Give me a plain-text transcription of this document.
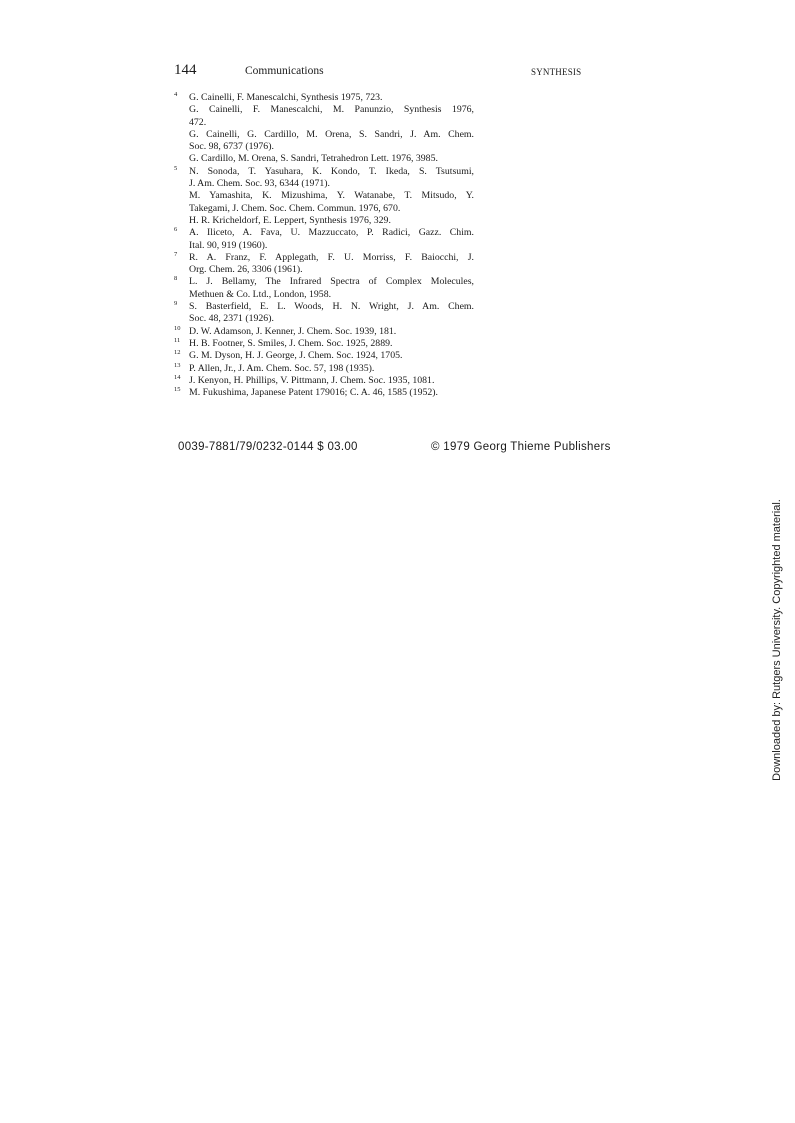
144	Communications	SYNTHESIS
4 G. Cainelli, F. Manescalchi, Synthesis 1975, 723.
G. Cainelli, F. Manescalchi, M. Panunzio, Synthesis 1976,
472.
G. Cainelli, G. Cardillo, M. Orena, S. Sandri, J. Am. Chem.
Soc. 98, 6737 (1976).
G. Cardillo, M. Orena, S. Sandri, Tetrahedron Lett. 1976, 3985.
5 N. Sonoda, T. Yasuhara, K. Kondo, T. Ikeda, S. Tsutsumi,
J. Am. Chem. Soc. 93, 6344 (1971).
M. Yamashita, K. Mizushima, Y. Watanabe, T. Mitsudo, Y.
Takegami, J. Chem. Soc. Chem. Commun. 1976, 670.
H. R. Kricheldorf, E. Leppert, Synthesis 1976, 329.
6 A. Iliceto, A. Fava, U. Mazzuccato, P. Radici, Gazz. Chim.
Ital. 90, 919 (1960).
7 R. A. Franz, F. Applegath, F. U. Morriss, F. Baiocchi, J.
Org. Chem. 26, 3306 (1961).
8 L. J. Bellamy, The Infrared Spectra of Complex Molecules,
Methuen & Co. Ltd., London, 1958.
9 S. Basterfield, E. L. Woods, H. N. Wright, J. Am. Chem.
Soc. 48, 2371 (1926).
10 D. W. Adamson, J. Kenner, J. Chem. Soc. 1939, 181.
11 H. B. Footner, S. Smiles, J. Chem. Soc. 1925, 2889.
12 G. M. Dyson, H. J. George, J. Chem. Soc. 1924, 1705.
13 P. Allen, Jr., J. Am. Chem. Soc. 57, 198 (1935).
14 J. Kenyon, H. Phillips, V. Pittmann, J. Chem. Soc. 1935, 1081.
15 M. Fukushima, Japanese Patent 179016; C. A. 46, 1585 (1952).
0039-7881/79/0232-0144 $ 03.00	© 1979 Georg Thieme Publishers
Downloaded by: Rutgers University. Copyrighted material.
